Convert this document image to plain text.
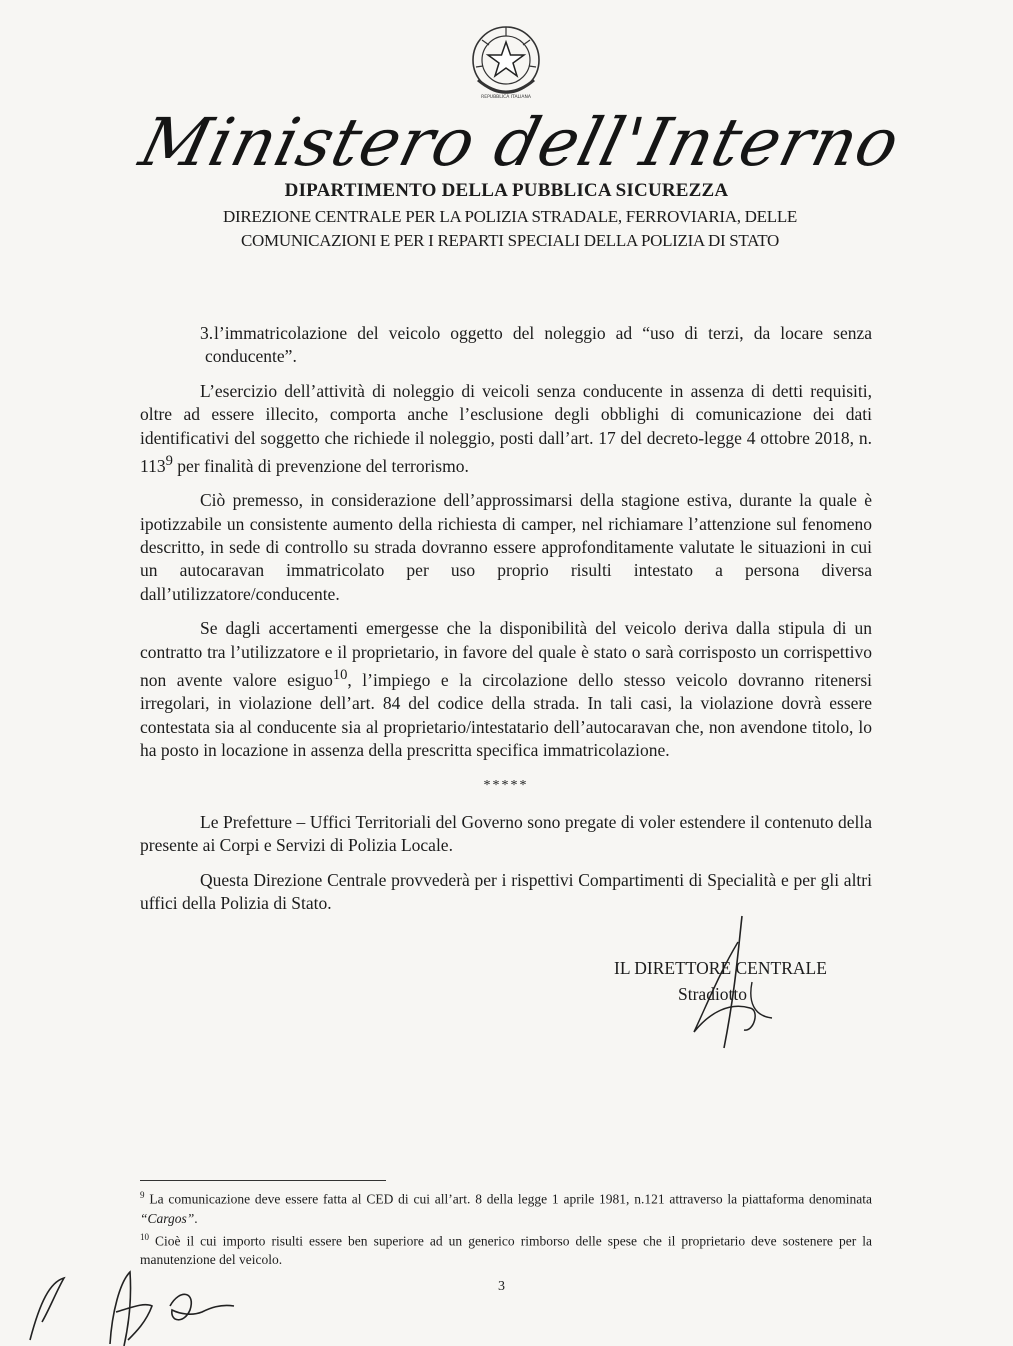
REPUBBLICA ITALIANA
Ministero dell'Interno
DIPARTIMENTO DELLA PUBBLICA SICUREZZA
DIREZIONE CENTRALE PER LA POLIZIA STRADALE, FERROVIARIA, DELLE
COMUNICAZIONI E PER I REPARTI SPECIALI DELLA POLIZIA DI STATO

3.l’immatricolazione del veicolo oggetto del noleggio ad “uso di terzi, da locare senza conducente”.

L’esercizio dell’attività di noleggio di veicoli senza conducente in assenza di detti requisiti, oltre ad essere illecito, comporta anche l’esclusione degli obblighi di comunicazione dei dati identificativi del soggetto che richiede il noleggio, posti dall’art. 17 del decreto-legge 4 ottobre 2018, n. $113^9$ per finalità di prevenzione del terrorismo.

Ciò premesso, in considerazione dell’approssimarsi della stagione estiva, durante la quale è ipotizzabile un consistente aumento della richiesta di camper, nel richiamare l’attenzione sul fenomeno descritto, in sede di controllo su strada dovranno essere approfonditamente valutate le situazioni in cui un autocaravan immatricolato per uso proprio risulti intestato a persona diversa dall’utilizzatore/conducente.

Se dagli accertamenti emergesse che la disponibilità del veicolo deriva dalla stipula di un contratto tra l’utilizzatore e il proprietario, in favore del quale è stato o sarà corrisposto un corrispettivo non avente valore esiguo$^{10}$, l’impiego e la circolazione dello stesso veicolo dovranno ritenersi irregolari, in violazione dell’art. 84 del codice della strada. In tali casi, la violazione dovrà essere contestata sia al conducente sia al proprietario/intestatario dell’autocaravan che, non avendone titolo, lo ha posto in locazione in assenza della prescritta specifica immatricolazione.

*****

Le Prefetture – Uffici Territoriali del Governo sono pregate di voler estendere il contenuto della presente ai Corpi e Servizi di Polizia Locale.

Questa Direzione Centrale provvederà per i rispettivi Compartimenti di Specialità e per gli altri uffici della Polizia di Stato.

IL DIRETTORE CENTRALE
Stradiotto

$^9$ La comunicazione deve essere fatta al CED di cui all’art. 8 della legge 1 aprile 1981, n.121 attraverso la piattaforma denominata “Cargos”.

$^{10}$ Cioè il cui importo risulti essere ben superiore ad un generico rimborso delle spese che il proprietario deve sostenere per la manutenzione del veicolo.

3
